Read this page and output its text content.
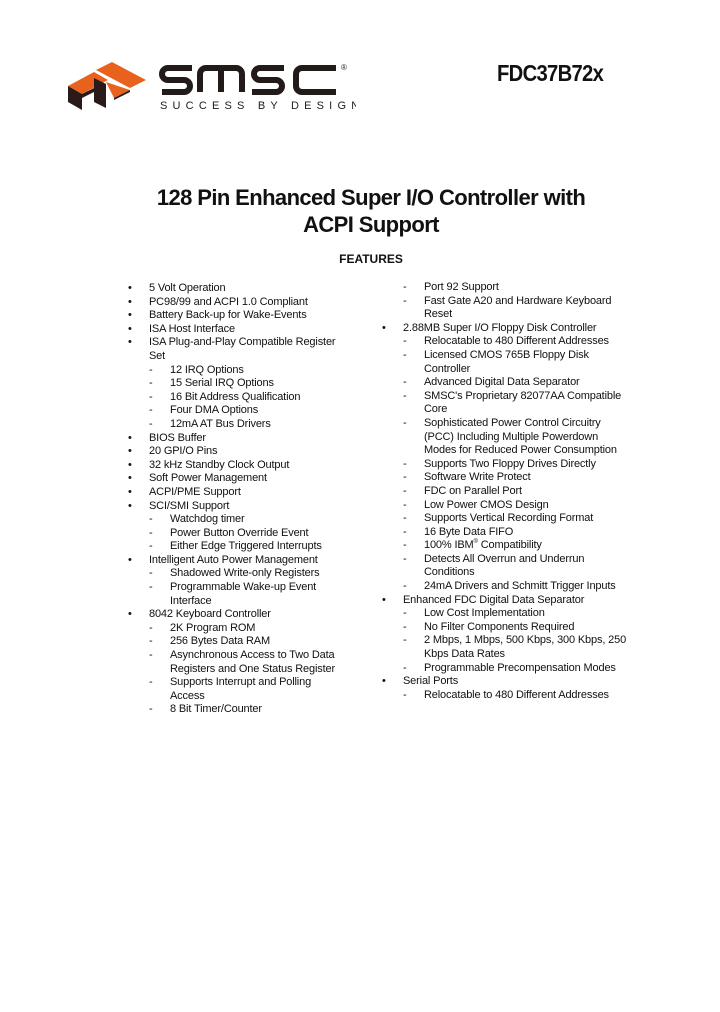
®
SUCCESS BY DESIGN
FDC37B72x
128 Pin Enhanced Super I/O Controller with
ACPI Support
FEATURES
• 5 Volt Operation
• PC98/99 and ACPI 1.0 Compliant
• Battery Back-up for Wake-Events
• ISA Host Interface
• ISA Plug-and-Play Compatible Register Set
- 12 IRQ Options
- 15 Serial IRQ Options
- 16 Bit Address Qualification
- Four DMA Options
- 12mA AT Bus Drivers
• BIOS Buffer
• 20 GPI/O Pins
• 32 kHz Standby Clock Output
• Soft Power Management
• ACPI/PME Support
• SCI/SMI Support
- Watchdog timer
- Power Button Override Event
- Either Edge Triggered Interrupts
• Intelligent Auto Power Management
- Shadowed Write-only Registers
- Programmable Wake-up Event Interface
• 8042 Keyboard Controller
- 2K Program ROM
- 256 Bytes Data RAM
- Asynchronous Access to Two Data Registers and One Status Register
- Supports Interrupt and Polling Access
- 8 Bit Timer/Counter
- Port 92 Support
- Fast Gate A20 and Hardware Keyboard Reset
• 2.88MB Super I/O Floppy Disk Controller
- Relocatable to 480 Different Addresses
- Licensed CMOS 765B Floppy Disk Controller
- Advanced Digital Data Separator
- SMSC's Proprietary 82077AA Compatible Core
- Sophisticated Power Control Circuitry (PCC) Including Multiple Powerdown Modes for Reduced Power Consumption
- Supports Two Floppy Drives Directly
- Software Write Protect
- FDC on Parallel Port
- Low Power CMOS Design
- Supports Vertical Recording Format
- 16 Byte Data FIFO
- 100% IBM® Compatibility
- Detects All Overrun and Underrun Conditions
- 24mA Drivers and Schmitt Trigger Inputs
• Enhanced FDC Digital Data Separator
- Low Cost Implementation
- No Filter Components Required
- 2 Mbps, 1 Mbps, 500 Kbps, 300 Kbps, 250 Kbps Data Rates
- Programmable Precompensation Modes
• Serial Ports
- Relocatable to 480 Different Addresses
